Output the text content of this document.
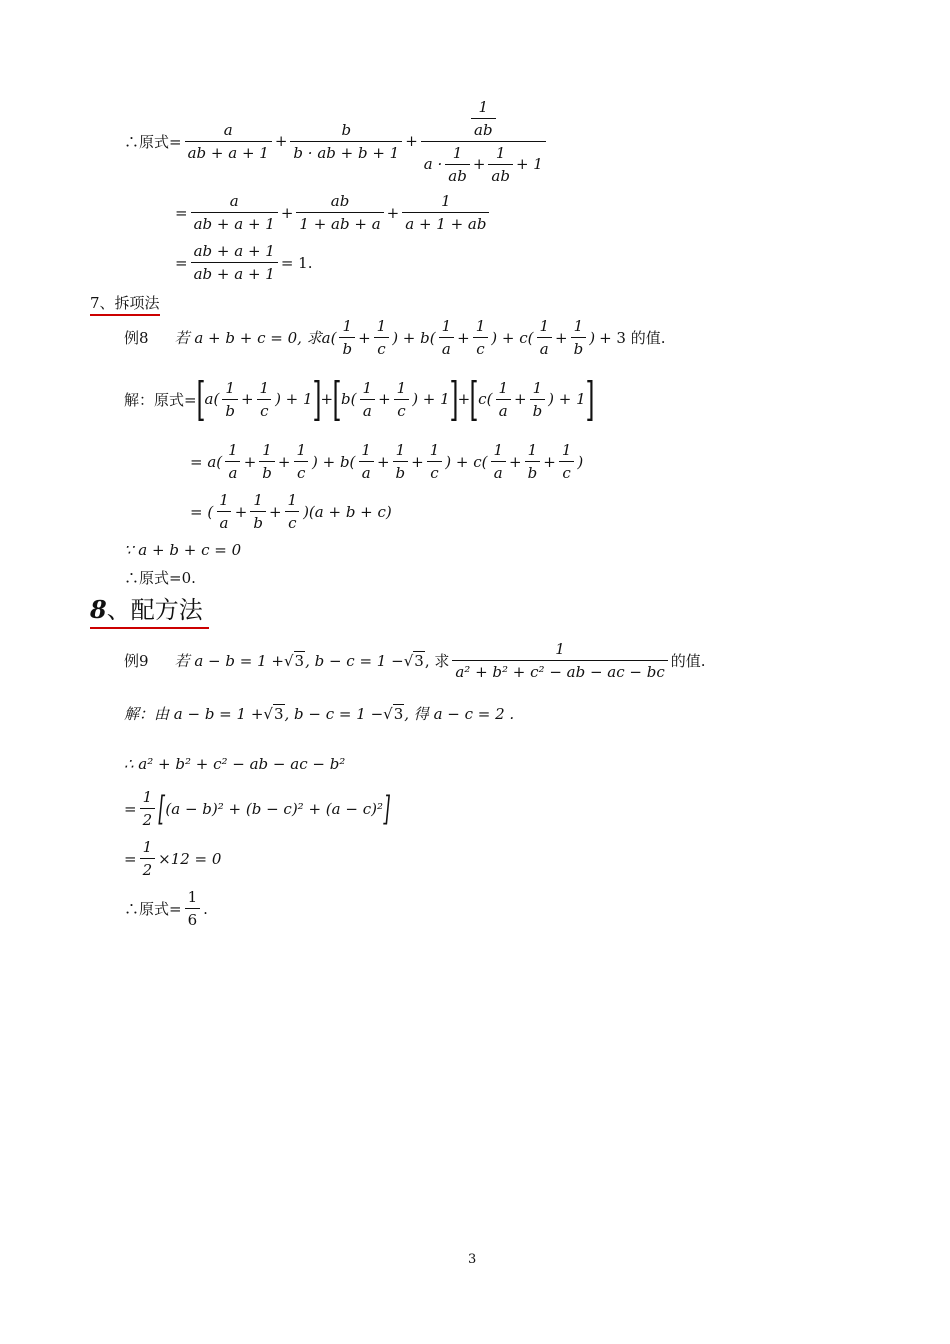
∴原式= $\frac{a}{ab + a + 1} + \frac{b}{b \cdot ab + b + 1} + \frac{1}{ab}$
a ·
1
ab
+ $\frac{1}{ab} + 1$
= $\frac{a}{ab + a + 1} + \frac{ab}{1 + ab + a} + \frac{1}{a + 1 + ab}$
= $\frac{ab + a + 1}{ab + a + 1} = 1$.
7、拆项法
例8 若 a + b + c = 0, 求 a(
1
b
+
1
c
) + b(
1
a
+
1
c
) + c(
1
a
+
1
b
) + 3 的值.
解：原式= [ a(
1
b
+
1
c
) + 1 ] + [ b(
1
a
+
1
c
) + 1 ] + [ c(
1
a
+
1
b
) + 1 ]
= a(
1
a
+
1
b
+
1
c
) + b(
1
a
+
1
b
+
1
c
) + c(
1
a
+
1
b
+
1
c
)
= (
1
a
+
1
b
+
1
c
)(a + b + c)
∵ a + b + c = 0
∴原式=0.
8、配方法
例9 若 a − b = 1 + √ 3 , b − c = 1 − √ 3 , 求
1
a² + b² + c² − ab − ac − bc
的值.
解：由 a − b = 1 + √ 3 , b − c = 1 − √ 3 , 得 a − c = 2 .
∴ a² + b² + c² − ab − ac − b²
= $\frac{1}{2}$ [ (a − b)² + (b − c)² + (a − c)² ]
= $\frac{1}{2} \times 12 = 0$
∴原式= $\frac{1}{6}$ .
3
